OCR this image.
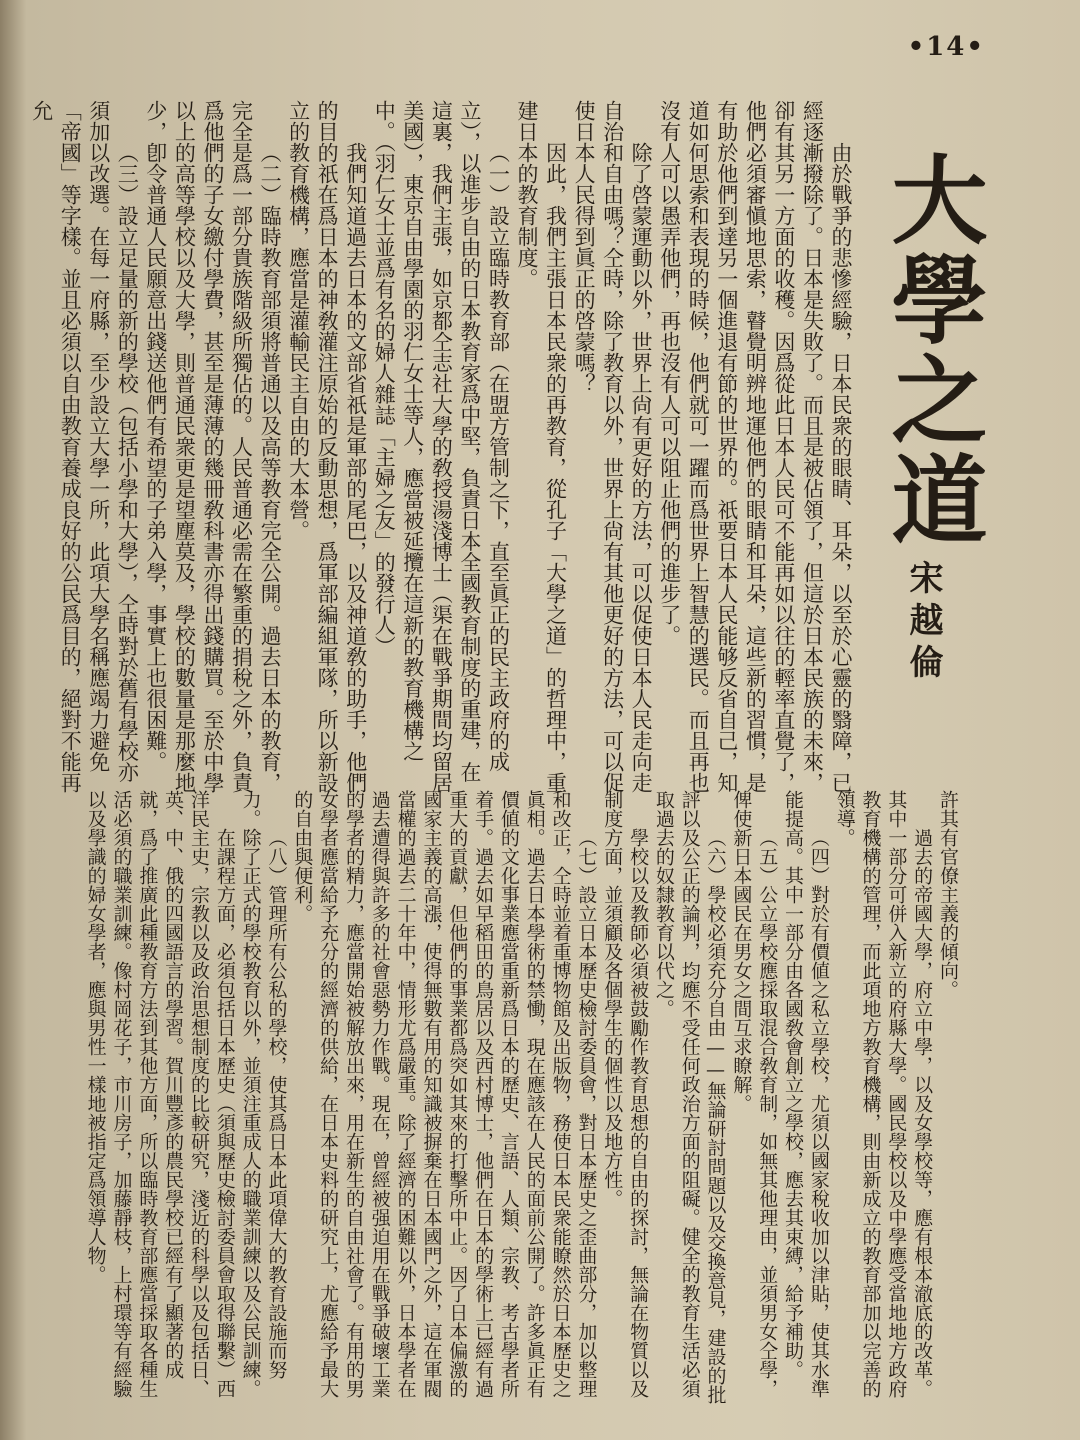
•14•
大學之道
宋越倫

由於戰爭的悲慘經驗，日本民衆的眼睛、耳朵，以至於心靈的翳障，已經逐漸撥除了。日本是失敗了。而且是被佔領了，但這於日本民族的未來，卻有其另一方面的收穫。因爲從此日本人民可不能再如以往的輕率直覺了，他們必須審愼地思索，瞽覺明辨地運他們的眼睛和耳朵，這些新的習慣，是有助於他們到達另一個進退有節的世界的。祇要日本人民能够反省自己，知道如何思索和表現的時候，他們就可一躍而爲世界上智慧的選民。而且再也沒有人可以愚弄他們，再也沒有人可以阻止他們的進步了。

除了啓蒙運動以外，世界上尙有更好的方法，可以促使日本人民走向走自治和自由嗎？仝時，除了教育以外，世界上尙有其他更好的方法，可以促使日本人民得到眞正的啓蒙嗎？

因此，我們主張日本民衆的再教育，從孔子「大學之道」的哲理中，重建日本的教育制度。

（一）設立臨時教育部（在盟方管制之下，直至眞正的民主政府的成立），以進步自由的日本教育家爲中堅，負責日本全國教育制度的重建，在這裏，我們主張，如京都仝志社大學的敎授湯淺博士（渠在戰爭期間均留居美國），東京自由學園的羽仁女士等人，應當被延攬在這新的教育機構之中。（羽仁女士並爲有名的婦人雜誌「主婦之友」的發行人）

我們知道過去日本的文部省祇是軍部的尾巴，以及神道敎的助手，他們的目的祇在爲日本的神敎灌注原始的反動思想，爲軍部編組軍隊，所以新設立的教育機構，應當是灌輸民主自由的大本營。

（二）臨時教育部須將普通以及高等教育完全公開。過去日本的教育，完全是爲一部分貴族階級所獨佔的。人民普通必需在繁重的捐稅之外，負責爲他們的子女繳付學費，甚至是薄薄的幾冊敎科書亦得出錢購買。至於中學以上的高等學校以及大學，則普通民衆更是望塵莫及，學校的數量是那麼地少，卽令普通人民願意出錢送他們有希望的子弟入學，事實上也很困難。

（三）設立足量的新的學校（包括小學和大學），仝時對於舊有學校亦須加以改選。在每一府縣，至少設立大學一所，此項大學名稱應竭力避免「帝國」等字樣。並且必須以自由教育養成良好的公民爲目的，絕對不能再允

許其有官僚主義的傾向。

過去的帝國大學，府立中學，以及女學校等，應有根本澈底的改革。其中一部分可併入新立的府縣大學。國民學校以及中學應受當地地方政府教育機構的管理，而此項地方教育機構，則由新成立的教育部加以完善的領導。

（四）對於有價値之私立學校，尤須以國家稅收加以津貼，使其水準能提高。其中一部分由各國敎會創立之學校，應去其束縛，給予補助。

（五）公立學校應採取混合敎育制，如無其他理由，並須男女仝學，俾使新日本國民在男女之間互求瞭解。

（六）學校必須充分自由——無論研討問題以及交換意見，建設的批評以及公正的論判，均應不受任何政治方面的阻礙。健全的教育生活必須取過去的奴隸教育以代之。

學校以及教師必須被鼓勵作教育思想的自由的探討，無論在物質以及制度方面，並須顧及各個學生的個性以及地方性。

（七）設立日本歷史檢討委員會，對日本歷史之歪曲部分，加以整理和改正，仝時並着重博物館及出版物，務使日本民衆能瞭然於日本歷史之眞相。過去日本學術的禁慟，現在應該在人民的面前公開了。許多眞正有價値的文化事業應當重新爲日本的歷史、言語、人類、宗教、考古學者所着手。過去如早稻田的鳥居以及西村博士，他們在日本的學術上已經有過重大的貢獻，但他們的事業都爲突如其來的打擊所中止。因了日本偏激的國家主義的高漲，使得無數有用的知識被摒棄在日本國門之外，這在軍閥當權的過去二十年中，情形尤爲嚴重。除了經濟的困難以外，日本學者在過去遭得與許多的社會惡勢力作戰。現在，曾經被强迫用在戰爭破壞工業的學者的精力，應當開始被解放出來，用在新生的自由社會了。有用的男女學者應當給予充分的經濟的供給，在日本史料的研究上，尤應給予最大的自由與便利。

（八）管理所有公私的學校，使其爲日本此項偉大的教育設施而努力。除了正式的學校教育以外，並須注重成人的職業訓練以及公民訓練。

在課程方面，必須包括日本歷史（須與歷史檢討委員會取得聯繫）西洋民主史，宗教以及政治思想制度的比較研究，淺近的科學以及包括日、英、中、俄的四國語言的學習。賀川豐彥的農民學校已經有了顯著的成就，爲了推廣此種教育方法到其他方面，所以臨時教育部應當採取各種生活必須的職業訓練。像村岡花子，市川房子，加藤靜枝，上村環等有經驗以及學識的婦女學者，應與男性一樣地被指定爲領導人物。
